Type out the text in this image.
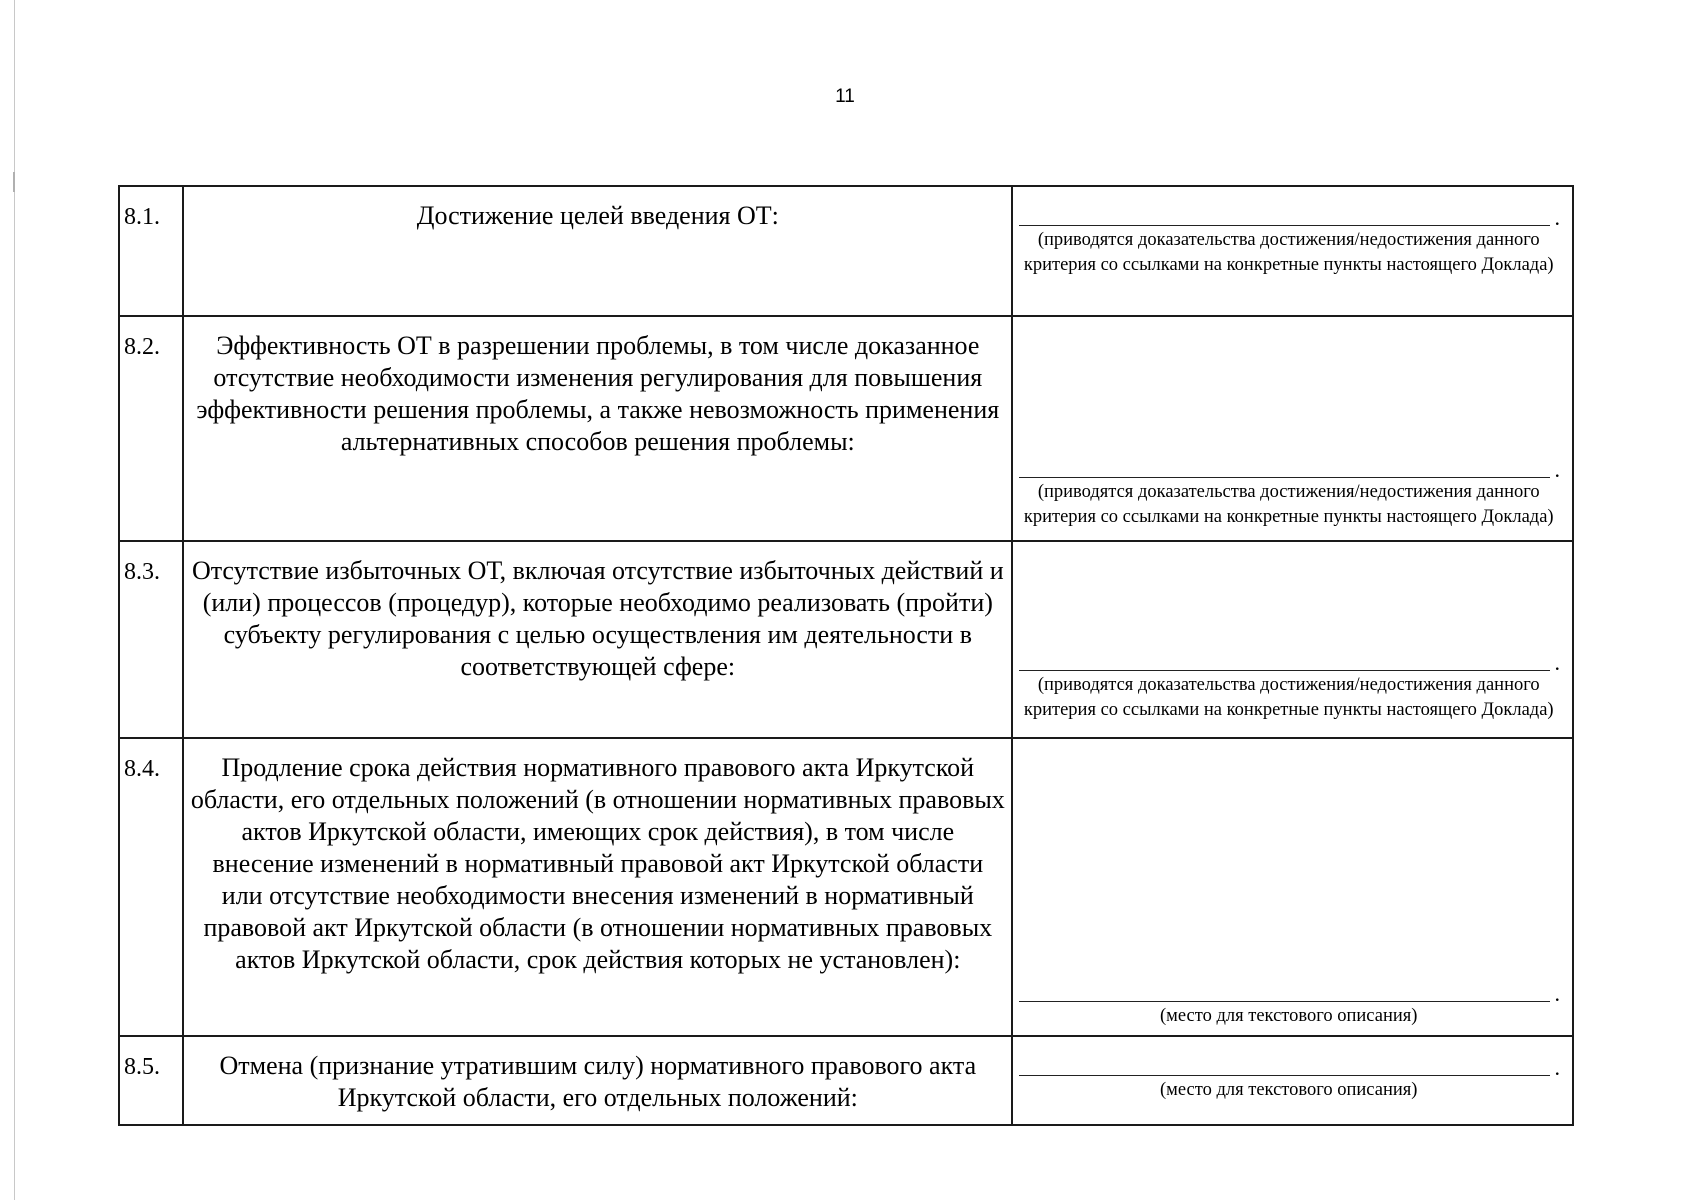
11
8.1.	Достижение целей введения ОТ:	.
(приводятся доказательства достижения/недостижения данного критерия со ссылками на конкретные пункты настоящего Доклада)

8.2.	Эффективность ОТ в разрешении проблемы, в том числе доказанное отсутствие необходимости изменения регулирования для повышения эффективности решения проблемы, а также невозможность применения альтернативных способов решения проблемы:	.
(приводятся доказательства достижения/недостижения данного критерия со ссылками на конкретные пункты настоящего Доклада)

8.3.	Отсутствие избыточных ОТ, включая отсутствие избыточных действий и (или) процессов (процедур), которые необходимо реализовать (пройти) субъекту регулирования с целью осуществления им деятельности в соответствующей сфере:	.
(приводятся доказательства достижения/недостижения данного критерия со ссылками на конкретные пункты настоящего Доклада)

8.4.	Продление срока действия нормативного правового акта Иркутской области, его отдельных положений (в отношении нормативных правовых актов Иркутской области, имеющих срок действия), в том числе внесение изменений в нормативный правовой акт Иркутской области или отсутствие необходимости внесения изменений в нормативный правовой акт Иркутской области (в отношении нормативных правовых актов Иркутской области, срок действия которых не установлен):	.
(место для текстового описания)

8.5.	Отмена (признание утратившим силу) нормативного правового акта Иркутской области, его отдельных положений:	.
(место для текстового описания)
